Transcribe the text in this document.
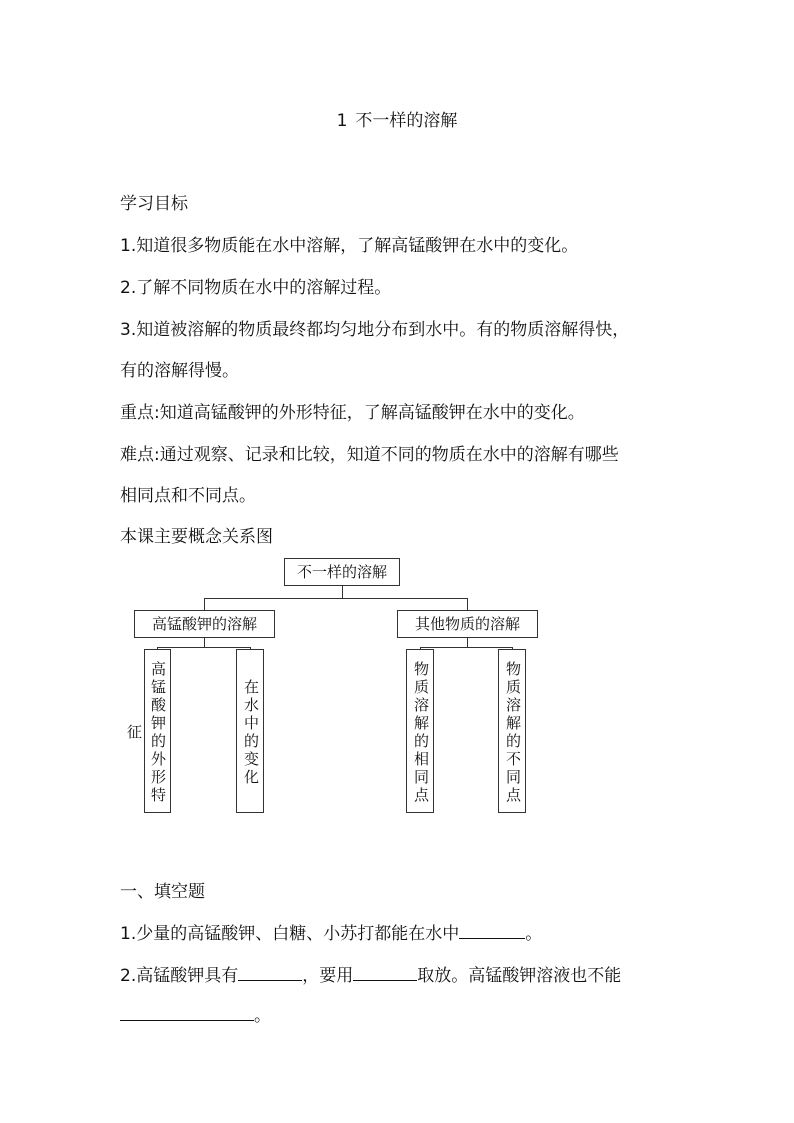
1 不一样的溶解
学习目标
1.知道很多物质能在水中溶解，了解高锰酸钾在水中的变化。
2.了解不同物质在水中的溶解过程。
3.知道被溶解的物质最终都均匀地分布到水中。有的物质溶解得快，
有的溶解得慢。
重点:知道高锰酸钾的外形特征，了解高锰酸钾在水中的变化。
难点:通过观察、记录和比较，知道不同的物质在水中的溶解有哪些
相同点和不同点。
本课主要概念关系图
不一样的溶解
高锰酸钾的溶解	其他物质的溶解
高锰酸钾的外形特征	在水中的变化	物质溶解的相同点	物质溶解的不同点
一、填空题
1.少量的高锰酸钾、白糖、小苏打都能在水中	。
2.高锰酸钾具有	，要用	取放。高锰酸钾溶液也不能
。
